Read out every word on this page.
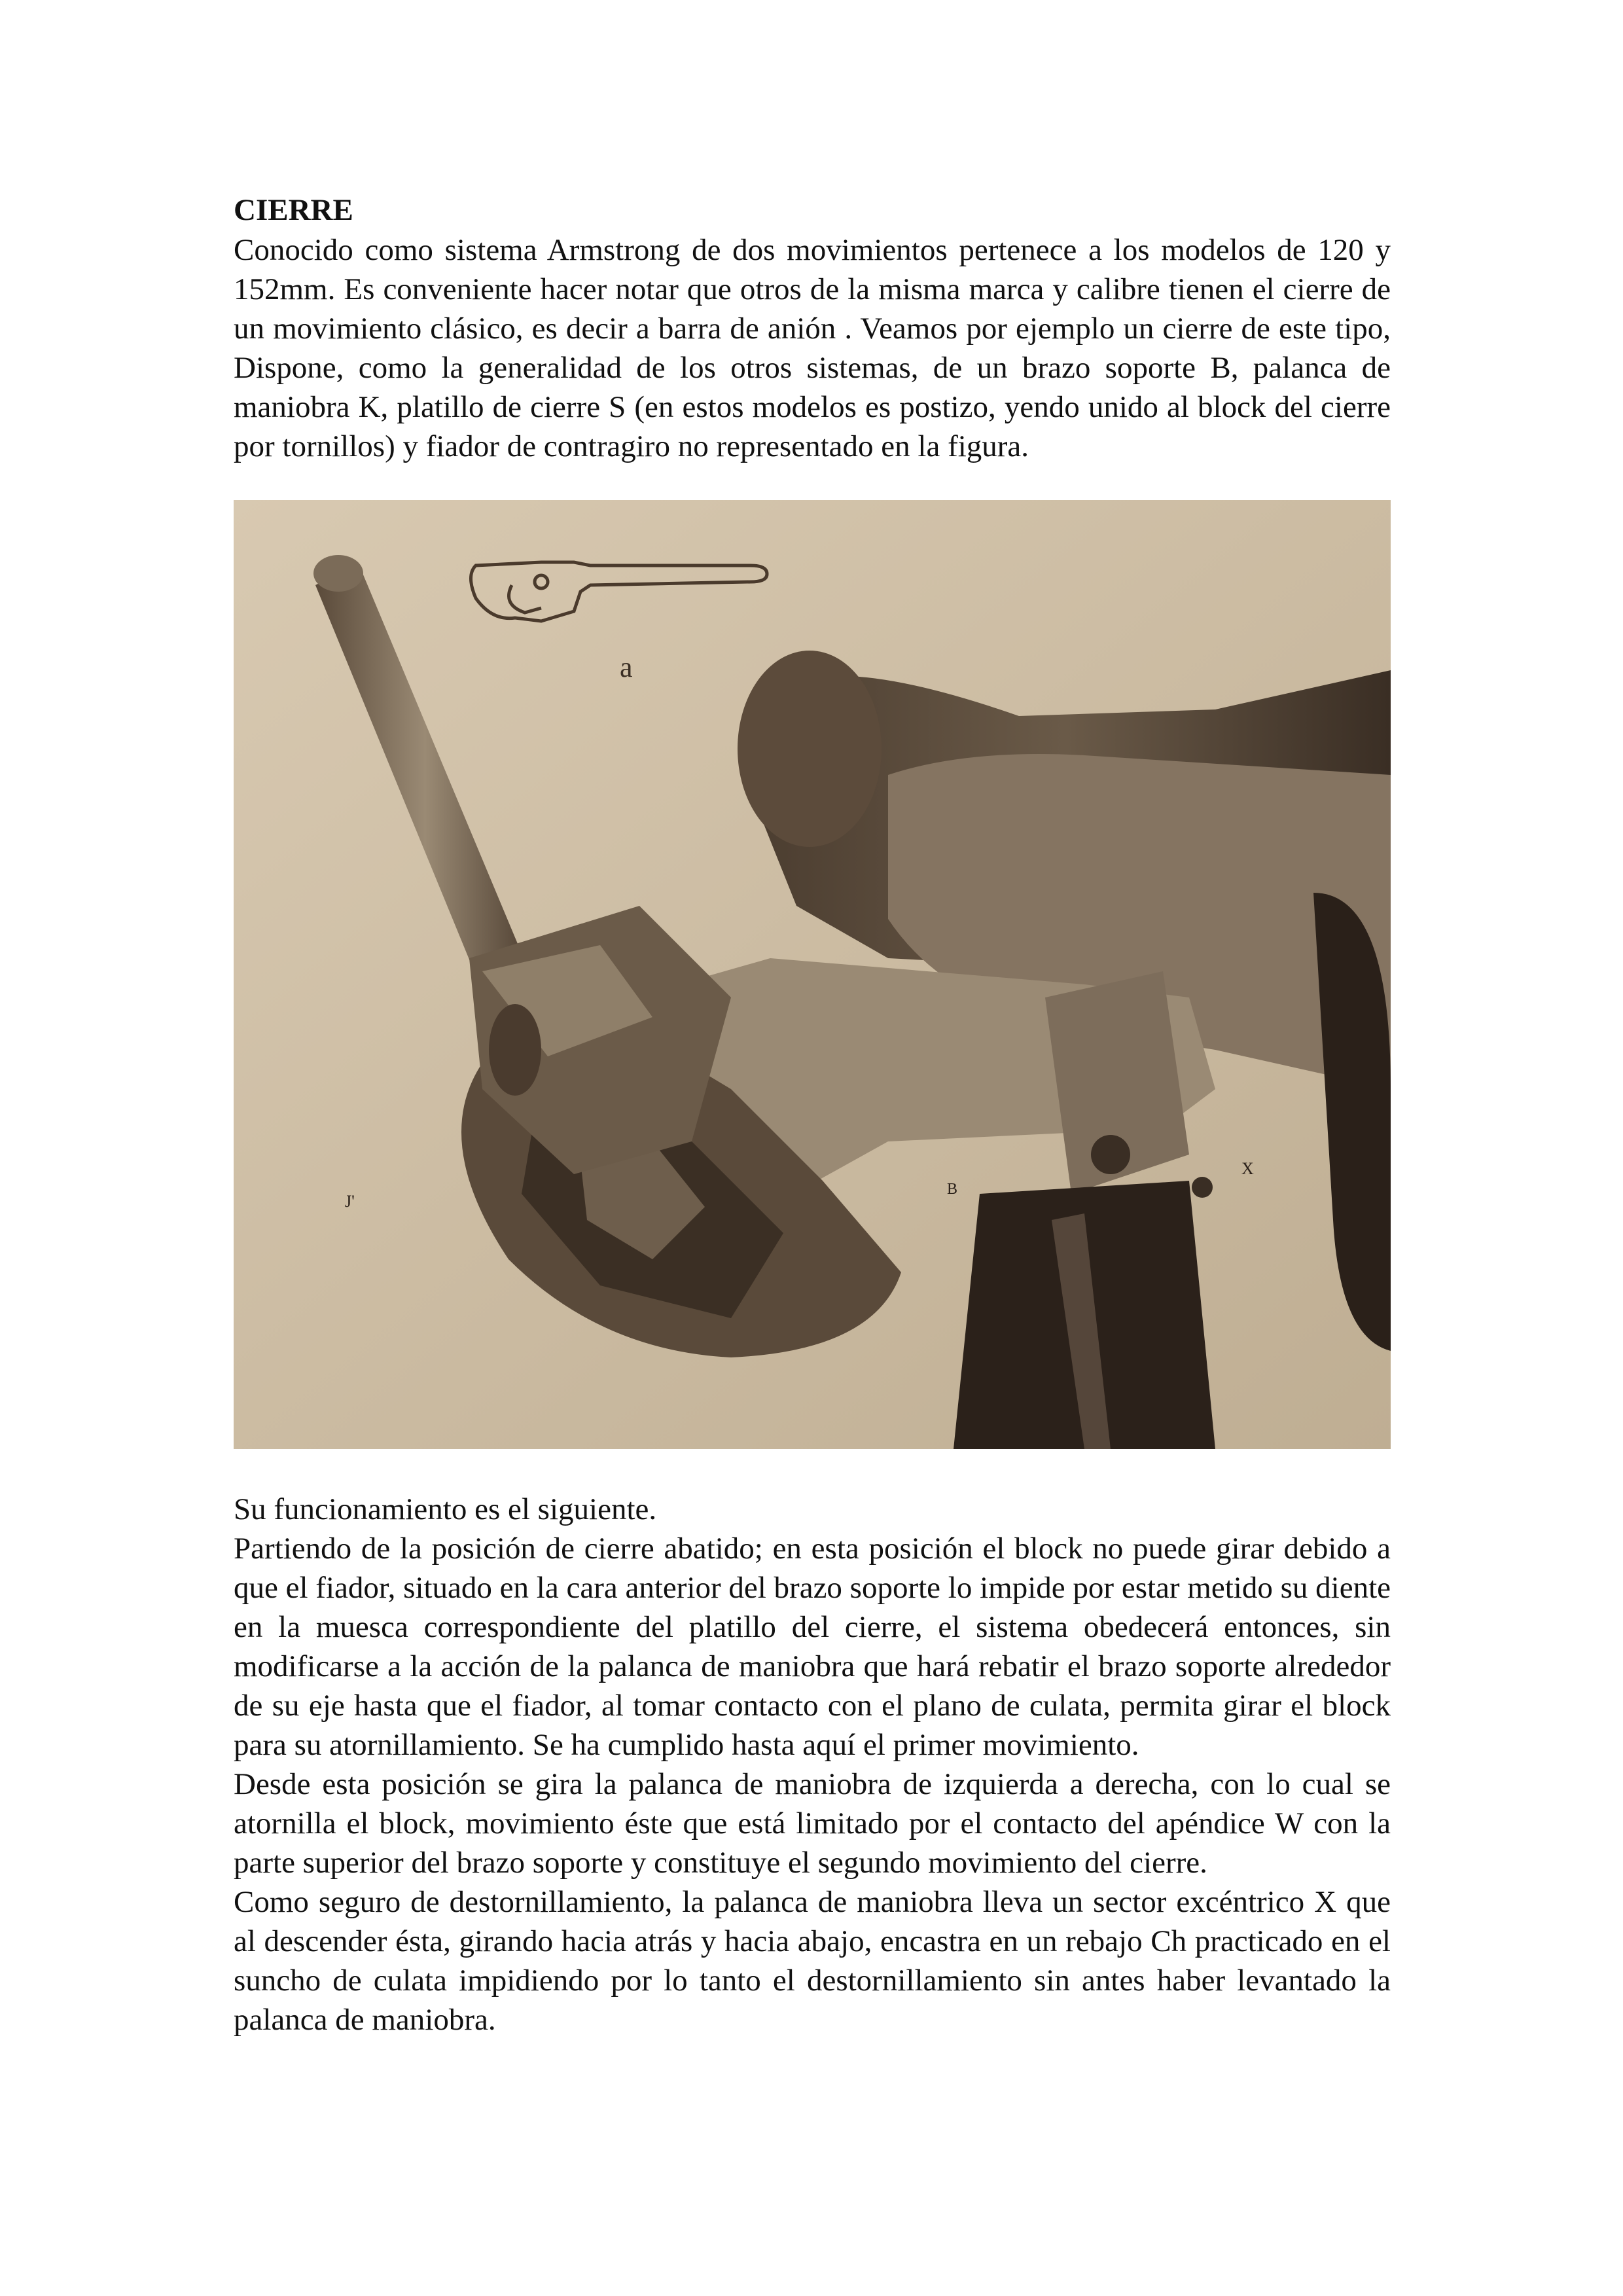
CIERRE

Conocido como sistema Armstrong de dos movimientos pertenece a los modelos de 120 y 152mm. Es conveniente hacer notar que otros de la misma marca y calibre tienen el cierre de un movimiento clásico, es decir a barra de anión . Veamos por ejemplo un cierre de este tipo, Dispone, como la generalidad de los otros sistemas, de un brazo soporte B, palanca de maniobra K, platillo de cierre S (en estos modelos es postizo, yendo unido al block del cierre por tornillos) y fiador de contragiro no representado en la figura.

a
J'
B
X

Su funcionamiento es el siguiente.

Partiendo de la posición de cierre abatido; en esta posición el block no puede girar debido a que el fiador, situado en la cara anterior del brazo soporte lo impide por estar metido su diente en la muesca correspondiente del platillo del cierre, el sistema obedecerá entonces, sin modificarse a la acción de la palanca de maniobra que hará rebatir el brazo soporte alrededor de su eje hasta que el fiador, al tomar contacto con el plano de culata, permita girar el block para su atornillamiento. Se ha cumplido hasta aquí el primer movimiento.

Desde esta posición se gira la palanca de maniobra de izquierda a derecha, con lo cual se atornilla el block, movimiento éste que está limitado por el contacto del apéndice W con la parte superior del brazo soporte y constituye el segundo movimiento del cierre.

Como seguro de destornillamiento, la palanca de maniobra lleva un sector excéntrico X que al descender ésta, girando hacia atrás y hacia abajo, encastra en un rebajo Ch practicado en el suncho de culata impidiendo por lo tanto el destornillamiento sin antes haber levantado la palanca de maniobra.
